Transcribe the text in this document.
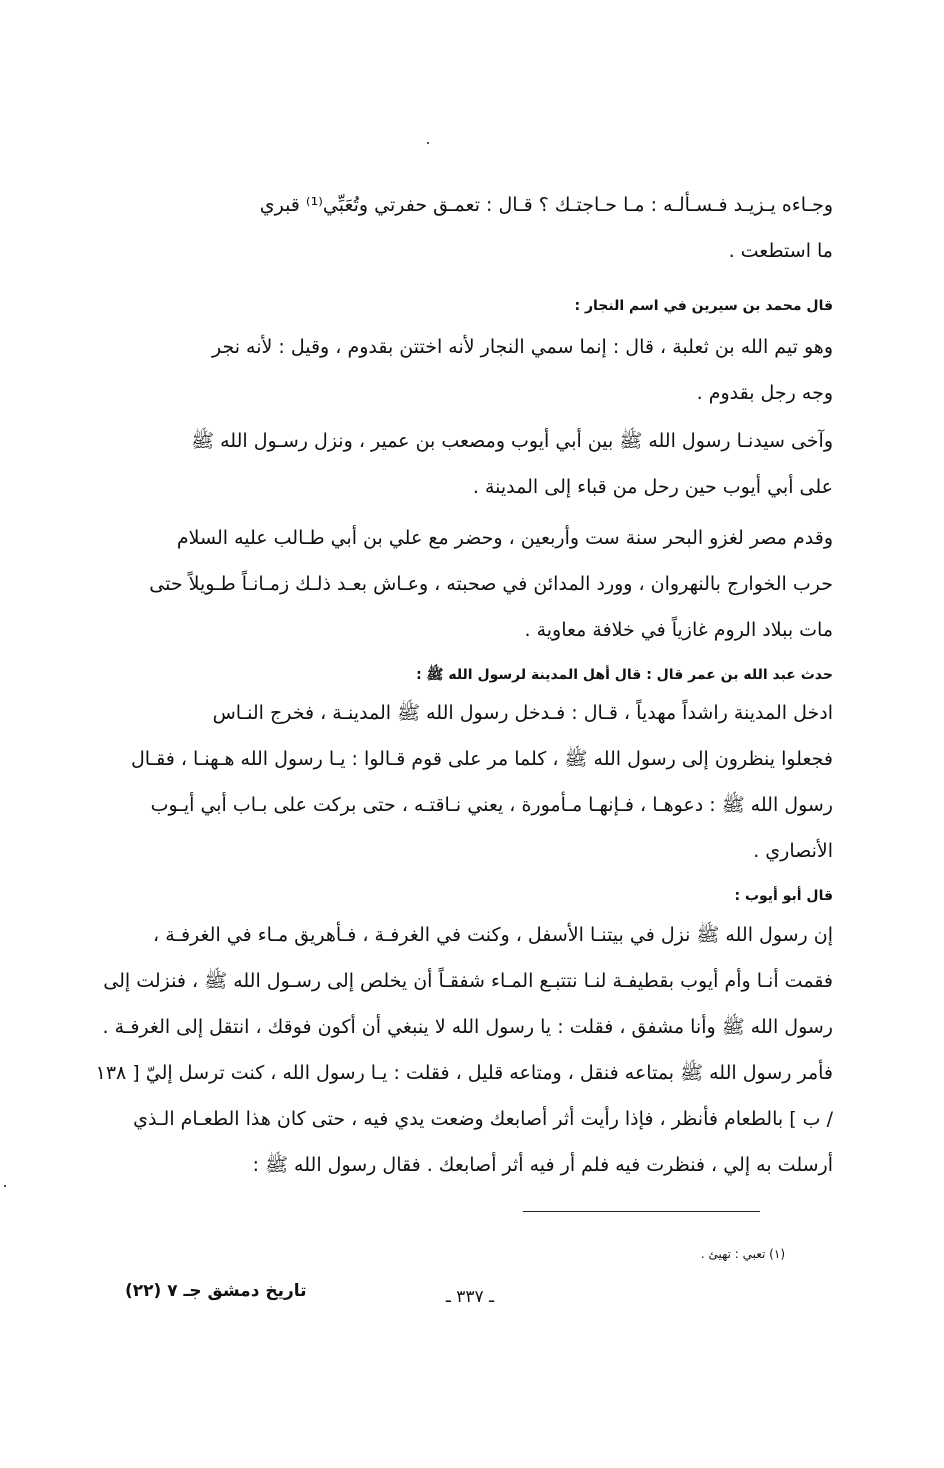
وجـاءه يـزيـد فـسـألـه : مـا حـاجتـك ؟ قـال : تعمـق حفرتي وتُعَبِّي⁽¹⁾ قبري
ما استطعت .
قال محمد بن سيرين في اسم النجار :
وهو تيم الله بن ثعلبة ، قال : إنما سمي النجار لأنه اختتن بقدوم ، وقيل : لأنه نجر
وجه رجل بقدوم .
وآخى سيدنـا رسول الله ﷺ بين أبي أيوب ومصعب بن عمير ، ونزل رسـول الله ﷺ
على أبي أيوب حين رحل من قباء إلى المدينة .
وقدم مصر لغزو البحر سنة ست وأربعين ، وحضر مع علي بن أبي طـالب عليه السلام
حرب الخوارج بالنهروان ، وورد المدائن في صحبته ، وعـاش بعـد ذلـك زمـانـاً طـويلاً حتى
مات ببلاد الروم غازياً في خلافة معاوية .
حدث عبد الله بن عمر قال : قال أهل المدينة لرسول الله ﷺ :
ادخل المدينة راشداً مهدياً ، قـال : فـدخل رسول الله ﷺ المدينـة ، فخرج النـاس
فجعلوا ينظرون إلى رسول الله ﷺ ، كلما مر على قوم قـالوا : يـا رسول الله هـهنـا ، فقـال
رسول الله ﷺ : دعوهـا ، فـإنهـا مـأمورة ، يعني نـاقتـه ، حتى بركت على بـاب أبي أيـوب
الأنصاري .
قال أبو أيوب :
إن رسول الله ﷺ نزل في بيتنـا الأسفل ، وكنت في الغرفـة ، فـأهريق مـاء في الغرفـة ،
فقمت أنـا وأم أيوب بقطيفـة لنـا نتتبـع المـاء شفقـاً أن يخلص إلى رسـول الله ﷺ ، فنزلت إلى
رسول الله ﷺ وأنا مشفق ، فقلت : يا رسول الله لا ينبغي أن أكون فوقك ، انتقل إلى الغرفـة .
فأمر رسول الله ﷺ بمتاعه فنقل ، ومتاعه قليل ، فقلت : يـا رسول الله ، كنت ترسل إليّ [ ١٣٨
/ ب ] بالطعام فأنظر ، فإذا رأيت أثر أصابعك وضعت يدي فيه ، حتى كان هذا الطعـام الـذي
أرسلت به إلي ، فنظرت فيه فلم أر فيه أثر أصابعك . فقال رسول الله ﷺ :
(١) تعبي : تهيئ .
ـ ٣٣٧ ـ
تاريخ دمشق جـ ٧ (٢٢)
